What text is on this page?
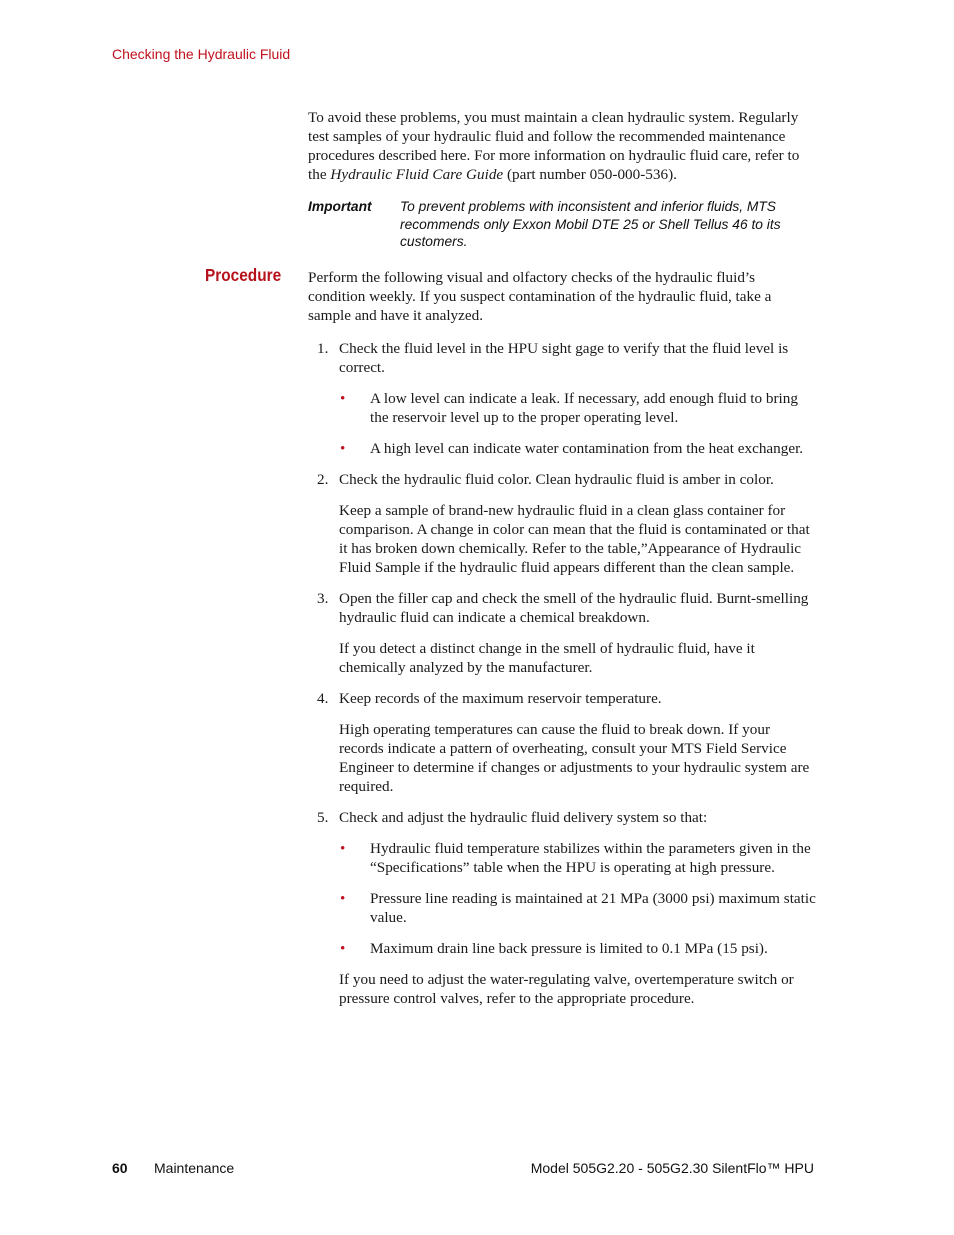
Checking the Hydraulic Fluid

To avoid these problems, you must maintain a clean hydraulic system. Regularly test samples of your hydraulic fluid and follow the recommended maintenance procedures described here. For more information on hydraulic fluid care, refer to the Hydraulic Fluid Care Guide (part number 050-000-536).

Important To prevent problems with inconsistent and inferior fluids, MTS recommends only Exxon Mobil DTE 25 or Shell Tellus 46 to its customers.
Procedure Perform the following visual and olfactory checks of the hydraulic fluid’s condition weekly. If you suspect contamination of the hydraulic fluid, take a sample and have it analyzed.

1. Check the fluid level in the HPU sight gage to verify that the fluid level is correct.

• A low level can indicate a leak. If necessary, add enough fluid to bring the reservoir level up to the proper operating level.
• A high level can indicate water contamination from the heat exchanger.
2. Check the hydraulic fluid color. Clean hydraulic fluid is amber in color.

Keep a sample of brand-new hydraulic fluid in a clean glass container for comparison. A change in color can mean that the fluid is contaminated or that it has broken down chemically. Refer to the table,”Appearance of Hydraulic Fluid Sample if the hydraulic fluid appears different than the clean sample.

3. Open the filler cap and check the smell of the hydraulic fluid. Burnt-smelling hydraulic fluid can indicate a chemical breakdown.

If you detect a distinct change in the smell of hydraulic fluid, have it chemically analyzed by the manufacturer.

4. Keep records of the maximum reservoir temperature.

High operating temperatures can cause the fluid to break down. If your records indicate a pattern of overheating, consult your MTS Field Service Engineer to determine if changes or adjustments to your hydraulic system are required.

5. Check and adjust the hydraulic fluid delivery system so that:

• Hydraulic fluid temperature stabilizes within the parameters given in the “Specifications” table when the HPU is operating at high pressure.
• Pressure line reading is maintained at 21 MPa (3000 psi) maximum static value.
• Maximum drain line back pressure is limited to 0.1 MPa (15 psi).

If you need to adjust the water-regulating valve, overtemperature switch or pressure control valves, refer to the appropriate procedure.

60 Maintenance	Model 505G2.20 - 505G2.30 SilentFlo™ HPU
